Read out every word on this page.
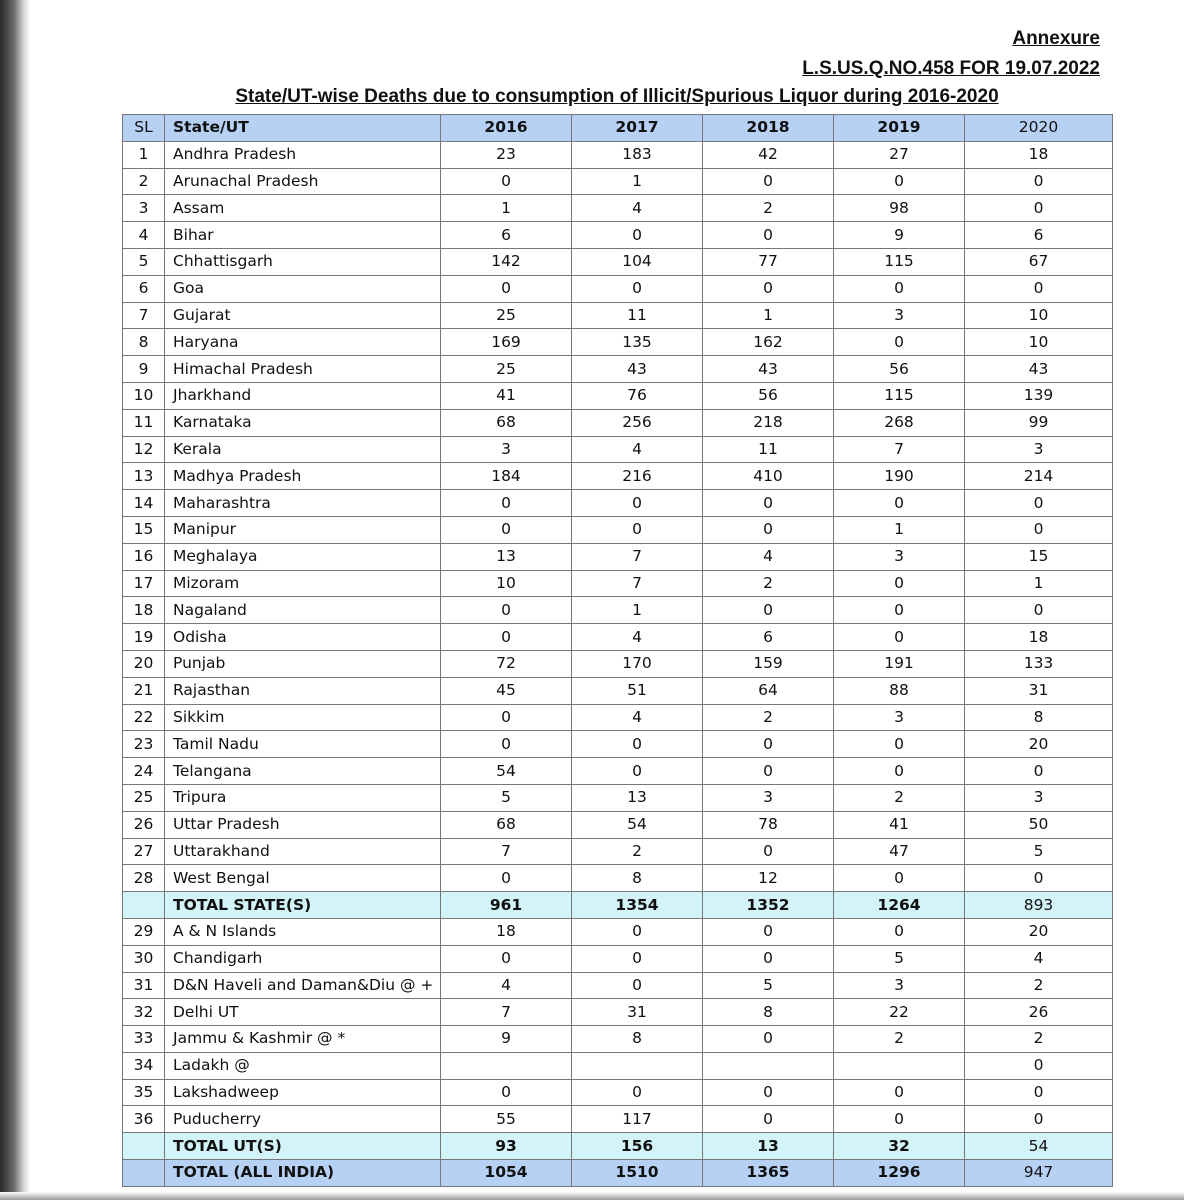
Annexure
L.S.US.Q.NO.458 FOR 19.07.2022
State/UT-wise Deaths due to consumption of Illicit/Spurious Liquor during 2016-2020
SL	State/UT	2016	2017	2018	2019	2020
1	Andhra Pradesh	23	183	42	27	18
2	Arunachal Pradesh	0	1	0	0	0
3	Assam	1	4	2	98	0
4	Bihar	6	0	0	9	6
5	Chhattisgarh	142	104	77	115	67
6	Goa	0	0	0	0	0
7	Gujarat	25	11	1	3	10
8	Haryana	169	135	162	0	10
9	Himachal Pradesh	25	43	43	56	43
10	Jharkhand	41	76	56	115	139
11	Karnataka	68	256	218	268	99
12	Kerala	3	4	11	7	3
13	Madhya Pradesh	184	216	410	190	214
14	Maharashtra	0	0	0	0	0
15	Manipur	0	0	0	1	0
16	Meghalaya	13	7	4	3	15
17	Mizoram	10	7	2	0	1
18	Nagaland	0	1	0	0	0
19	Odisha	0	4	6	0	18
20	Punjab	72	170	159	191	133
21	Rajasthan	45	51	64	88	31
22	Sikkim	0	4	2	3	8
23	Tamil Nadu	0	0	0	0	20
24	Telangana	54	0	0	0	0
25	Tripura	5	13	3	2	3
26	Uttar Pradesh	68	54	78	41	50
27	Uttarakhand	7	2	0	47	5
28	West Bengal	0	8	12	0	0
	TOTAL STATE(S)	961	1354	1352	1264	893
29	A & N Islands	18	0	0	0	20
30	Chandigarh	0	0	0	5	4
31	D&N Haveli and Daman&Diu @ +	4	0	5	3	2
32	Delhi UT	7	31	8	22	26
33	Jammu & Kashmir @ *	9	8	0	2	2
34	Ladakh @					0
35	Lakshadweep	0	0	0	0	0
36	Puducherry	55	117	0	0	0
	TOTAL UT(S)	93	156	13	32	54
	TOTAL (ALL INDIA)	1054	1510	1365	1296	947
